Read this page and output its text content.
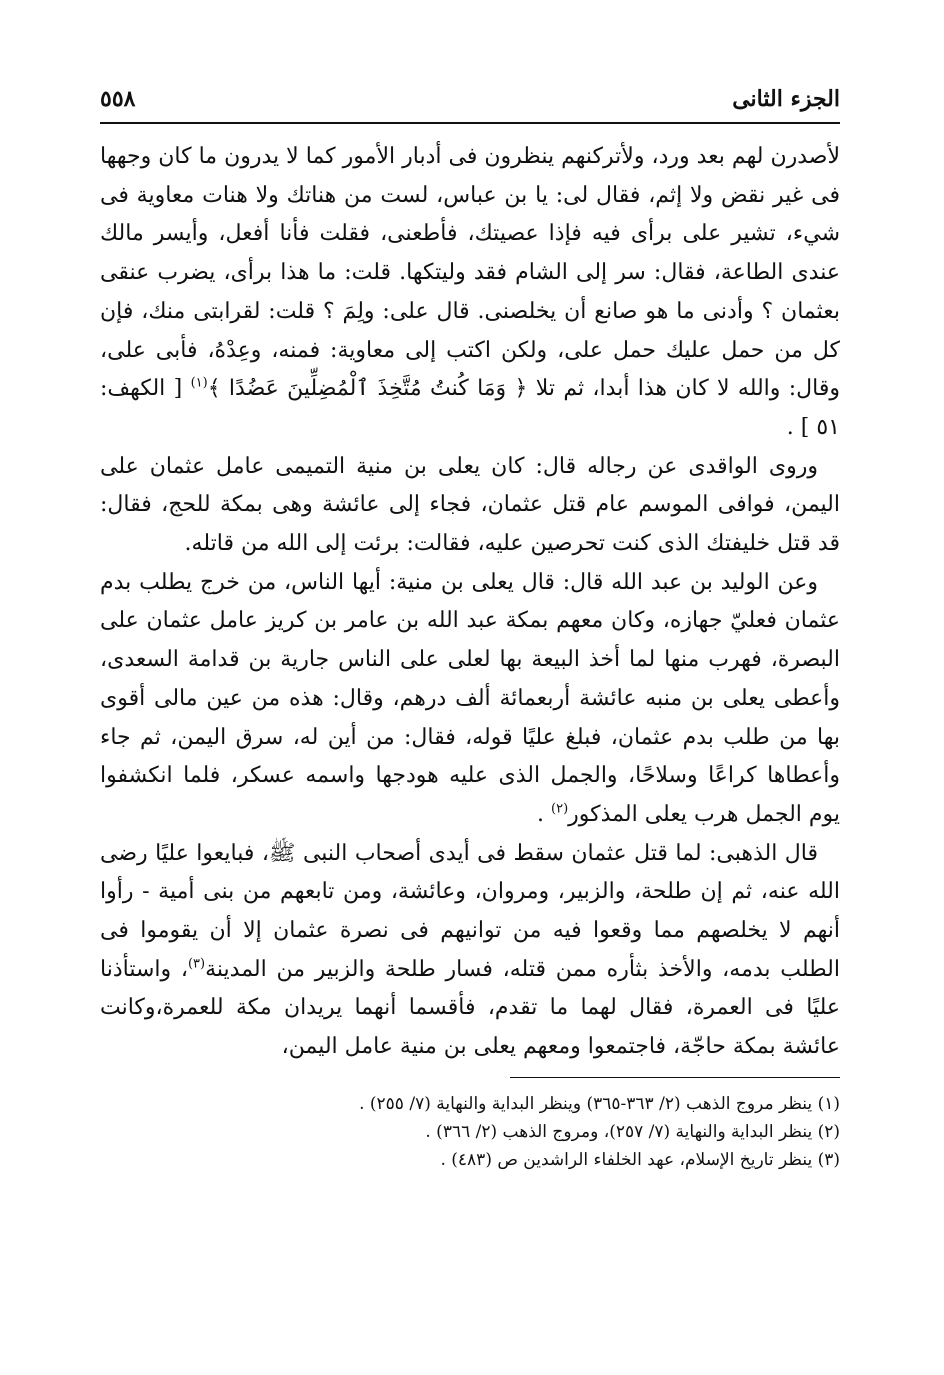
الجزء الثانى
٥٥٨

لأصدرن لهم بعد ورد، ولأتركنهم ينظرون فى أدبار الأمور كما لا يدرون ما كان وجهها فى غير نقض ولا إثم، فقال لى: يا بن عباس، لست من هناتك ولا هنات معاوية فى شيء، تشير على برأى فيه فإذا عصيتك، فأطعنى، فقلت فأنا أفعل، وأيسر مالك عندى الطاعة، فقال: سر إلى الشام فقد وليتكها. قلت: ما هذا برأى، يضرب عنقى بعثمان ؟ وأدنى ما هو صانع أن يخلصنى. قال على: ولِمَ ؟ قلت: لقرابتى منك، فإن كل من حمل عليك حمل على، ولكن اكتب إلى معاوية: فمنه، وعِدْهُ، فأبى على، وقال: والله لا كان هذا أبدا، ثم تلا ﴿ وَمَا كُنتُ مُتَّخِذَ ٱلْمُضِلِّينَ عَضُدًا ﴾$^{(١)}$ [ الكهف: ٥١ ] .

وروى الواقدى عن رجاله قال: كان يعلى بن منية التميمى عامل عثمان على اليمن، فوافى الموسم عام قتل عثمان، فجاء إلى عائشة وهى بمكة للحج، فقال: قد قتل خليفتك الذى كنت تحرصين عليه، فقالت: برئت إلى الله من قاتله.

وعن الوليد بن عبد الله قال: قال يعلى بن منية: أيها الناس، من خرج يطلب بدم عثمان فعليّ جهازه، وكان معهم بمكة عبد الله بن عامر بن كريز عامل عثمان على البصرة، فهرب منها لما أخذ البيعة بها لعلى على الناس جارية بن قدامة السعدى، وأعطى يعلى بن منبه عائشة أربعمائة ألف درهم، وقال: هذه من عين مالى أقوى بها من طلب بدم عثمان، فبلغ عليًا قوله، فقال: من أين له، سرق اليمن، ثم جاء وأعطاها كراعًا وسلاحًا، والجمل الذى عليه هودجها واسمه عسكر، فلما انكشفوا يوم الجمل هرب يعلى المذكور$^{(٢)}$ .

قال الذهبى: لما قتل عثمان سقط فى أيدى أصحاب النبى ﷺ، فبايعوا عليًا رضى الله عنه، ثم إن طلحة، والزبير، ومروان، وعائشة، ومن تابعهم من بنى أمية - رأوا أنهم لا يخلصهم مما وقعوا فيه من توانيهم فى نصرة عثمان إلا أن يقوموا فى الطلب بدمه، والأخذ بثأره ممن قتله، فسار طلحة والزبير من المدينة$^{(٣)}$، واستأذنا عليًا فى العمرة، فقال لهما ما تقدم، فأقسما أنهما يريدان مكة للعمرة،وكانت عائشة بمكة حاجّة، فاجتمعوا ومعهم يعلى بن منية عامل اليمن،

(١) ينظر مروج الذهب (٢/ ٣٦٣-٣٦٥) وينظر البداية والنهاية (٧/ ٢٥٥) .
(٢) ينظر البداية والنهاية (٧/ ٢٥٧)، ومروج الذهب (٢/ ٣٦٦) .
(٣) ينظر تاريخ الإسلام، عهد الخلفاء الراشدين ص (٤٨٣) .
